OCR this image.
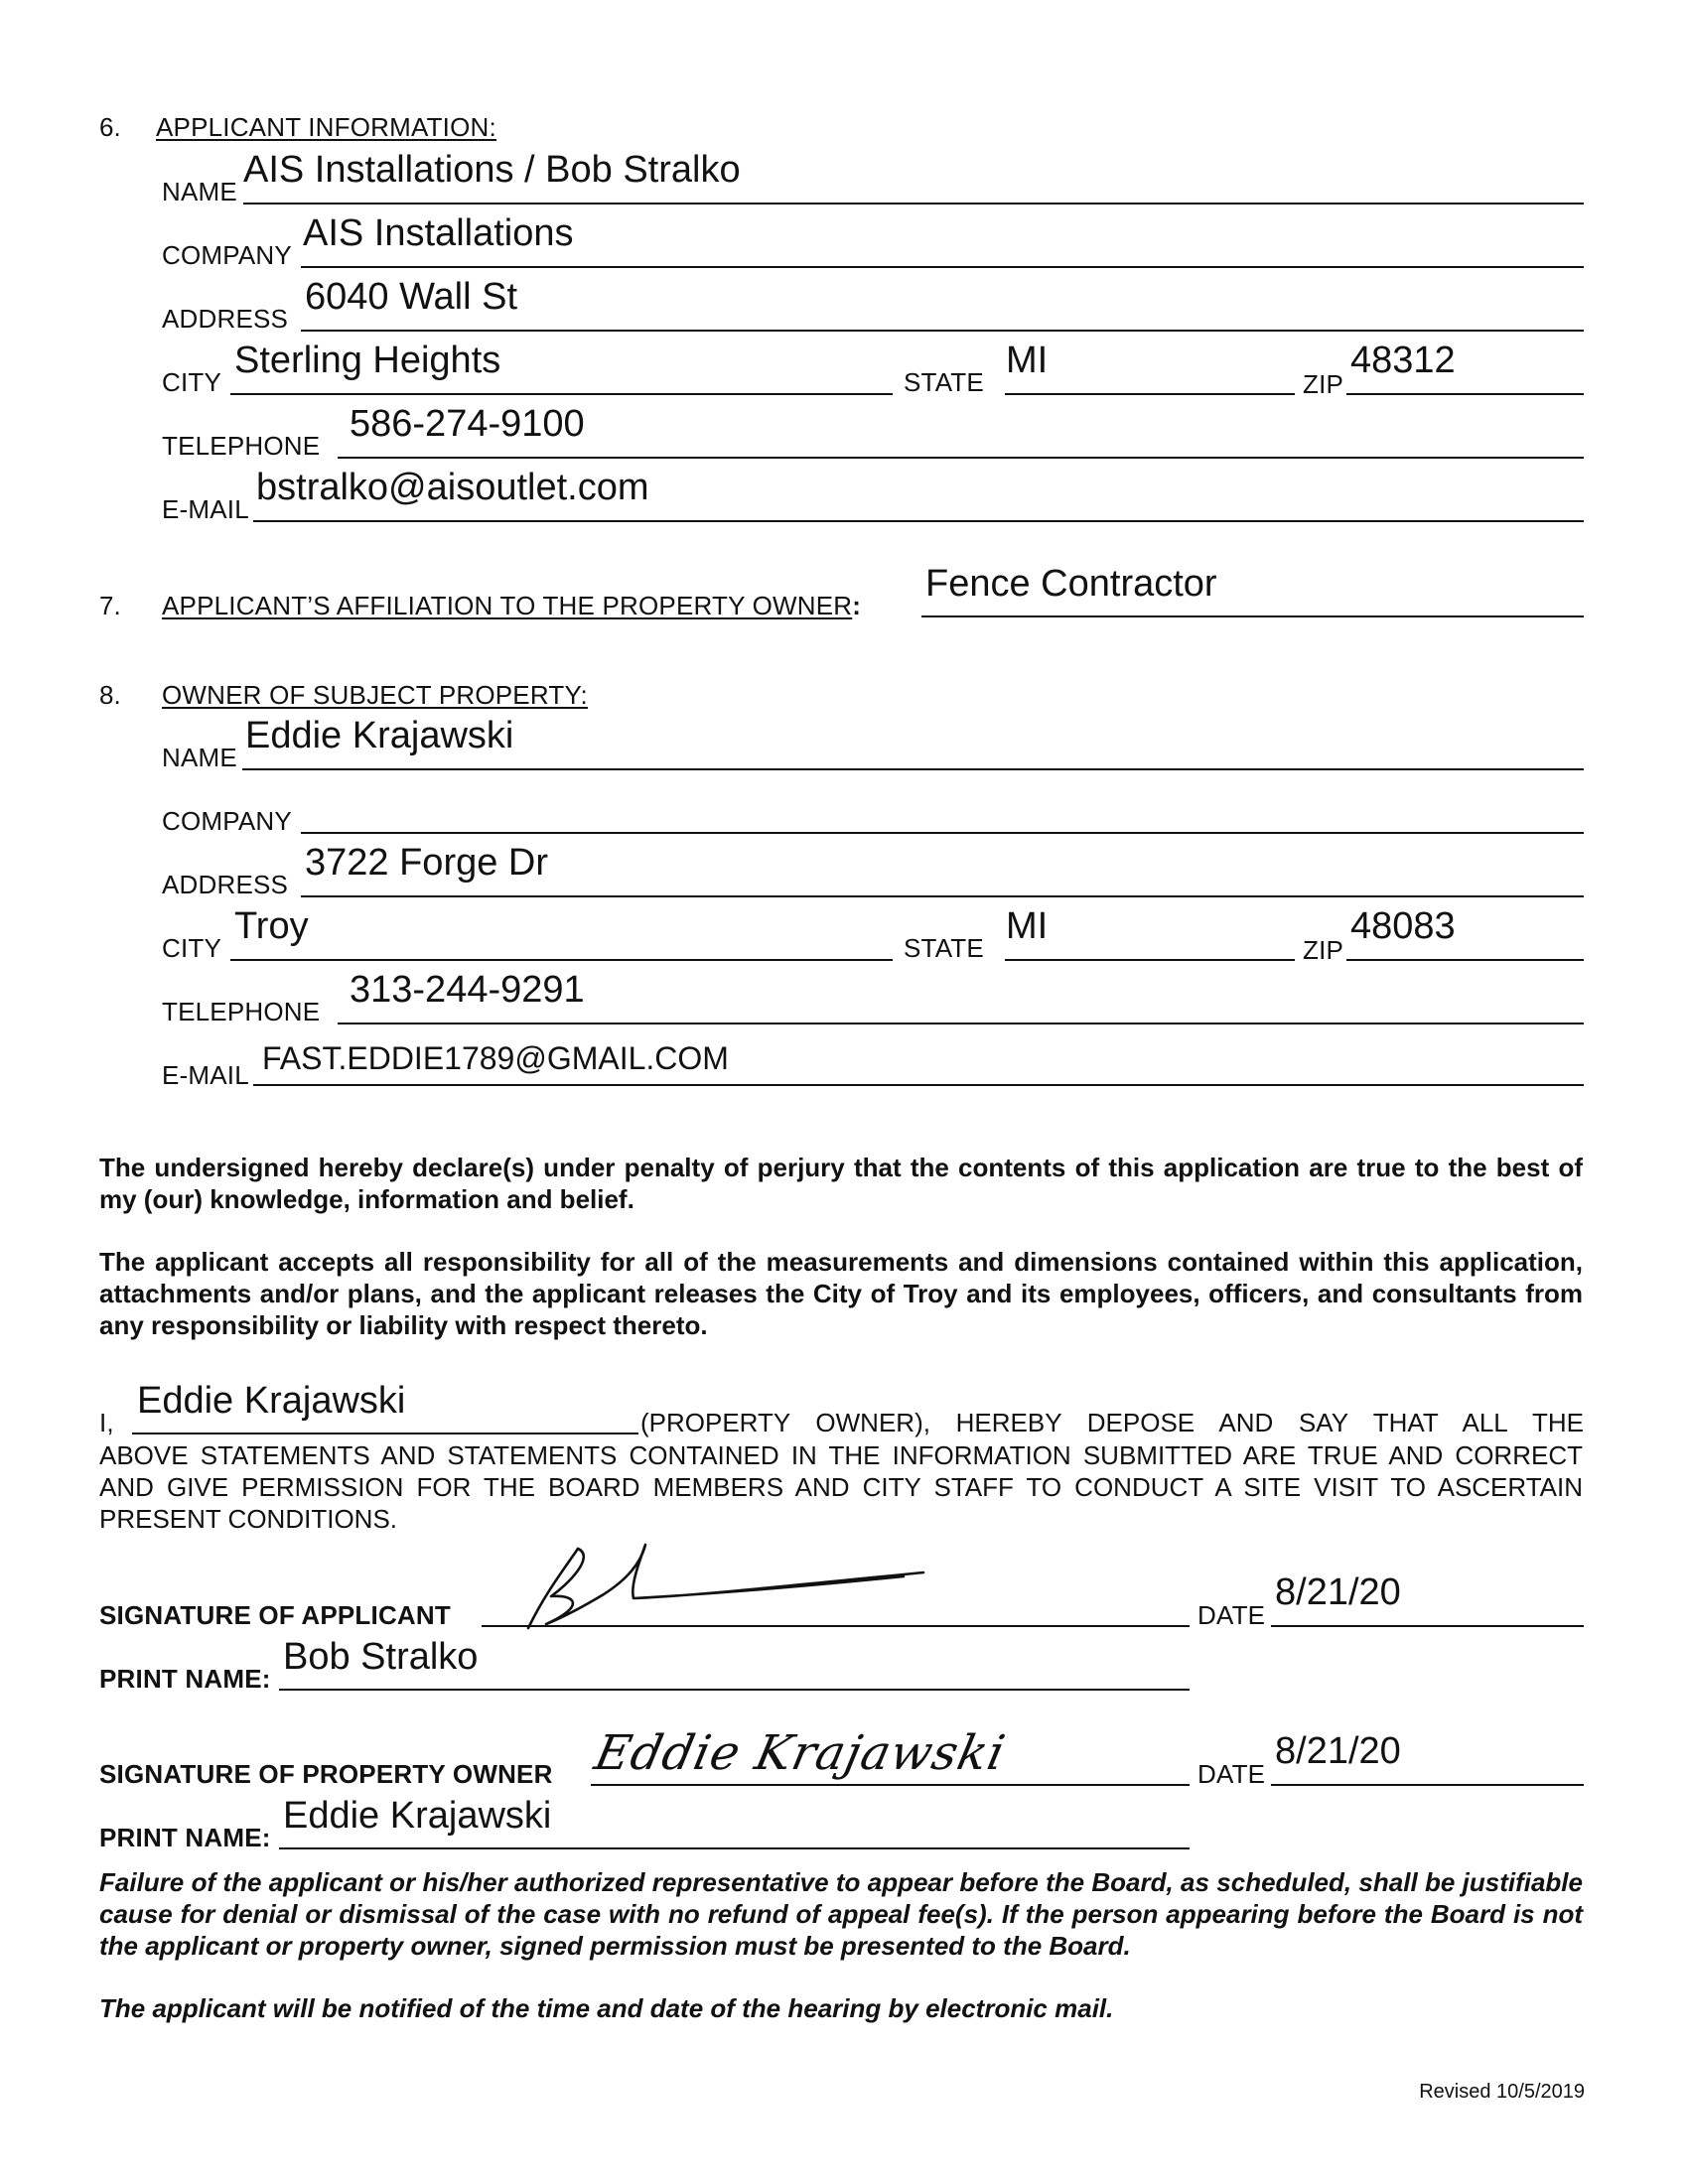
6. APPLICANT INFORMATION:
NAME
AIS Installations / Bob Stralko
COMPANY
AIS Installations
ADDRESS
6040 Wall St
CITY
Sterling Heights
STATE
MI
ZIP
48312
TELEPHONE
586-274-9100
E-MAIL
bstralko@aisoutlet.com
7. APPLICANT’S AFFILIATION TO THE PROPERTY OWNER:
Fence Contractor
8. OWNER OF SUBJECT PROPERTY:
NAME
Eddie Krajawski
COMPANY
ADDRESS
3722 Forge Dr
CITY
Troy
STATE
MI
ZIP
48083
TELEPHONE
313-244-9291
E-MAIL FAST.EDDIE1789@GMAIL.COM
The undersigned hereby declare(s) under penalty of perjury that the contents of this application are true to the best of my (our) knowledge, information and belief.
The applicant accepts all responsibility for all of the measurements and dimensions contained within this application, attachments and/or plans, and the applicant releases the City of Troy and its employees, officers, and consultants from any responsibility or liability with respect thereto.
I,
Eddie Krajawski
(PROPERTY OWNER), HEREBY DEPOSE AND SAY THAT ALL THE
ABOVE STATEMENTS AND STATEMENTS CONTAINED IN THE INFORMATION SUBMITTED ARE TRUE AND CORRECT AND GIVE PERMISSION FOR THE BOARD MEMBERS AND CITY STAFF TO CONDUCT A SITE VISIT TO ASCERTAIN PRESENT CONDITIONS.
SIGNATURE OF APPLICANT	DATE
8/21/20
PRINT NAME:
Bob Stralko
SIGNATURE OF PROPERTY OWNER Eddie Krajawski	DATE
8/21/20
PRINT NAME:
Eddie Krajawski
Failure of the applicant or his/her authorized representative to appear before the Board, as scheduled, shall be justifiable cause for denial or dismissal of the case with no refund of appeal fee(s). If the person appearing before the Board is not the applicant or property owner, signed permission must be presented to the Board.
The applicant will be notified of the time and date of the hearing by electronic mail.
Revised 10/5/2019
